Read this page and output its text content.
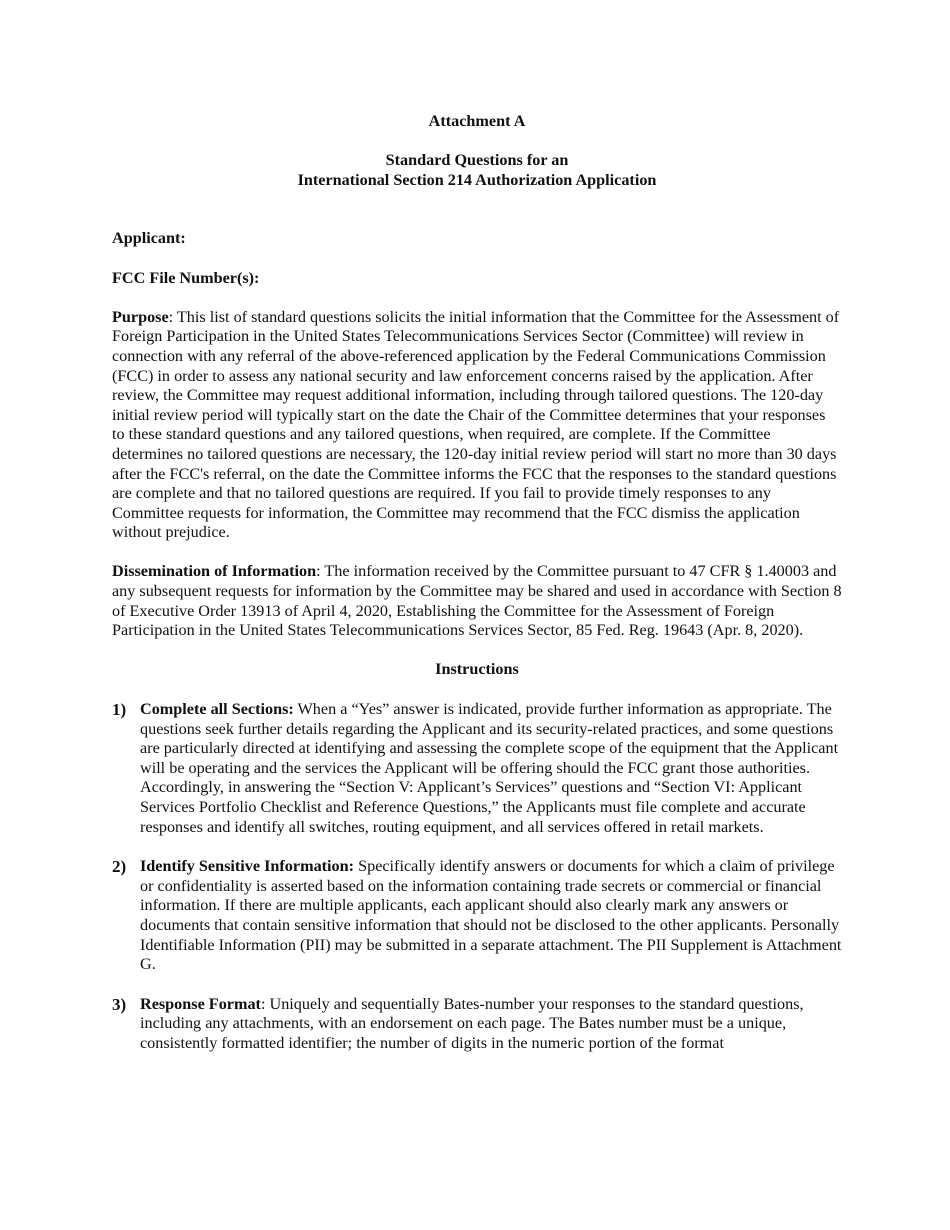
Attachment A

Standard Questions for an

International Section 214 Authorization Application

Applicant:

FCC File Number(s):

Purpose: This list of standard questions solicits the initial information that the Committee for the Assessment of Foreign Participation in the United States Telecommunications Services Sector (Committee) will review in connection with any referral of the above-referenced application by the Federal Communications Commission (FCC) in order to assess any national security and law enforcement concerns raised by the application. After review, the Committee may request additional information, including through tailored questions. The 120-day initial review period will typically start on the date the Chair of the Committee determines that your responses to these standard questions and any tailored questions, when required, are complete. If the Committee determines no tailored questions are necessary, the 120-day initial review period will start no more than 30 days after the FCC's referral, on the date the Committee informs the FCC that the responses to the standard questions are complete and that no tailored questions are required. If you fail to provide timely responses to any Committee requests for information, the Committee may recommend that the FCC dismiss the application without prejudice.

Dissemination of Information: The information received by the Committee pursuant to 47 CFR § 1.40003 and any subsequent requests for information by the Committee may be shared and used in accordance with Section 8 of Executive Order 13913 of April 4, 2020, Establishing the Committee for the Assessment of Foreign Participation in the United States Telecommunications Services Sector, 85 Fed. Reg. 19643 (Apr. 8, 2020).

Instructions

1) Complete all Sections: When a “Yes” answer is indicated, provide further information as appropriate. The questions seek further details regarding the Applicant and its security-related practices, and some questions are particularly directed at identifying and assessing the complete scope of the equipment that the Applicant will be operating and the services the Applicant will be offering should the FCC grant those authorities. Accordingly, in answering the “Section V: Applicant’s Services” questions and “Section VI: Applicant Services Portfolio Checklist and Reference Questions,” the Applicants must file complete and accurate responses and identify all switches, routing equipment, and all services offered in retail markets.
2) Identify Sensitive Information: Specifically identify answers or documents for which a claim of privilege or confidentiality is asserted based on the information containing trade secrets or commercial or financial information. If there are multiple applicants, each applicant should also clearly mark any answers or documents that contain sensitive information that should not be disclosed to the other applicants. Personally Identifiable Information (PII) may be submitted in a separate attachment. The PII Supplement is Attachment G.
3) Response Format: Uniquely and sequentially Bates-number your responses to the standard questions, including any attachments, with an endorsement on each page. The Bates number must be a unique, consistently formatted identifier; the number of digits in the numeric portion of the format
